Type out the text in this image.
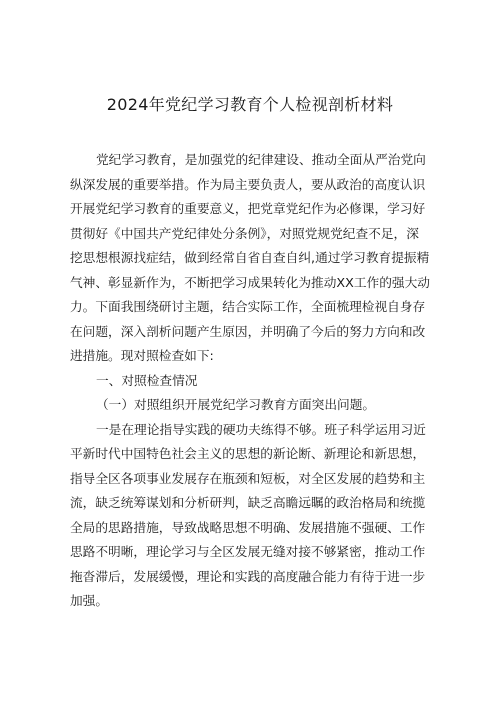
2024年党纪学习教育个人检视剖析材料
党纪学习教育，是加强党的纪律建设、推动全面从严治党向
纵深发展的重要举措。作为局主要负责人，要从政治的高度认识
开展党纪学习教育的重要意义，把党章党纪作为必修课，学习好
贯彻好《中国共产党纪律处分条例》，对照党规党纪查不足，深
挖思想根源找症结，做到经常自省自查自纠,通过学习教育提振精
气神、彰显新作为，不断把学习成果转化为推动XX工作的强大动
力。下面我围绕研讨主题，结合实际工作，全面梳理检视自身存
在问题，深入剖析问题产生原因，并明确了今后的努力方向和改
进措施。现对照检查如下:
一、对照检查情况
（一）对照组织开展党纪学习教育方面突出问题。
一是在理论指导实践的硬功夫练得不够。班子科学运用习近
平新时代中国特色社会主义的思想的新论断、新理论和新思想，
指导全区各项事业发展存在瓶颈和短板，对全区发展的趋势和主
流，缺乏统筹谋划和分析研判，缺乏高瞻远瞩的政治格局和统揽
全局的思路措施，导致战略思想不明确、发展措施不强硬、工作
思路不明晰，理论学习与全区发展无缝对接不够紧密，推动工作
拖沓滞后，发展缓慢，理论和实践的高度融合能力有待于进一步
加强。
